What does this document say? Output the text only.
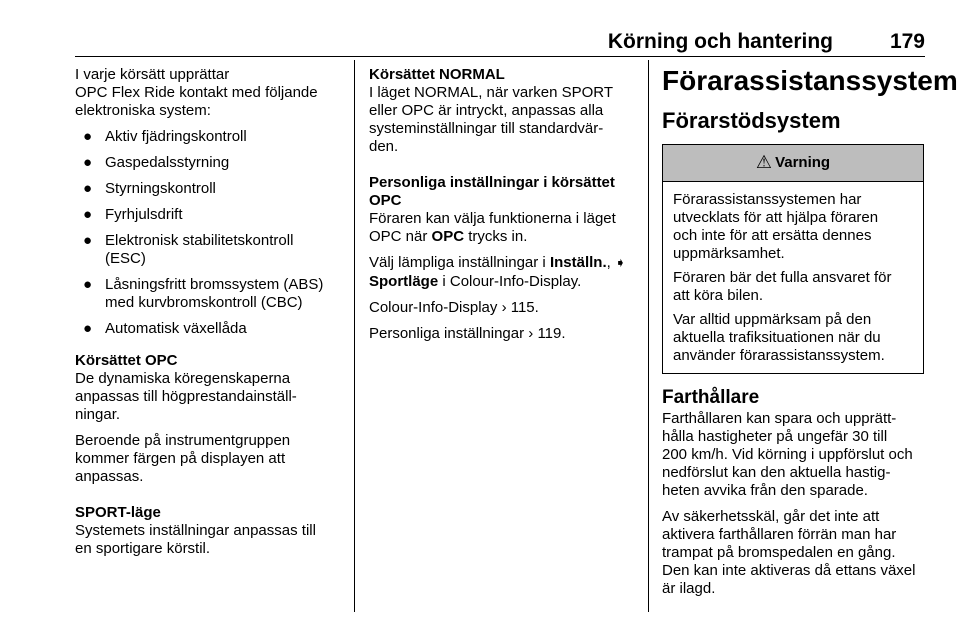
Körning och hantering	179

I varje körsätt upprättar
OPC Flex Ride kontakt med följande
elektroniska system:

● Aktiv fjädringskontroll
● Gaspedalsstyrning
● Styrningskontroll
● Fyrhjulsdrift
● Elektronisk stabilitetskontroll
(ESC)
● Låsningsfritt bromssystem (ABS)
med kurvbromskontroll (CBC)
● Automatisk växellåda

Körsättet OPC

De dynamiska köregenskaperna
anpassas till högprestandainställ-
ningar.

Beroende på instrumentgruppen
kommer färgen på displayen att
anpassas.

SPORT-läge

Systemets inställningar anpassas till
en sportigare körstil.

Körsättet NORMAL

I läget NORMAL, när varken SPORT
eller OPC är intryckt, anpassas alla
systeminställningar till standardvär-
den.

Personliga inställningar i körsättet
OPC

Föraren kan välja funktionerna i läget
OPC när OPC trycks in.

Välj lämpliga inställningar i Inställn., ➧
Sportläge i Colour-Info-Display.

Colour-Info-Display › 115.

Personliga inställningar › 119.

Förarassistanssystem

Förarstödsystem

⚠ Varning

Förarassistanssystemen har
utvecklats för att hjälpa föraren
och inte för att ersätta dennes
uppmärksamhet.

Föraren bär det fulla ansvaret för
att köra bilen.

Var alltid uppmärksam på den
aktuella trafiksituationen när du
använder förarassistanssystem.

Farthållare

Farthållaren kan spara och upprätt-
hålla hastigheter på ungefär 30 till
200 km/h. Vid körning i uppförslut och
nedförslut kan den aktuella hastig-
heten avvika från den sparade.

Av säkerhetsskäl, går det inte att
aktivera farthållaren förrän man har
trampat på bromspedalen en gång.
Den kan inte aktiveras då ettans växel
är ilagd.
